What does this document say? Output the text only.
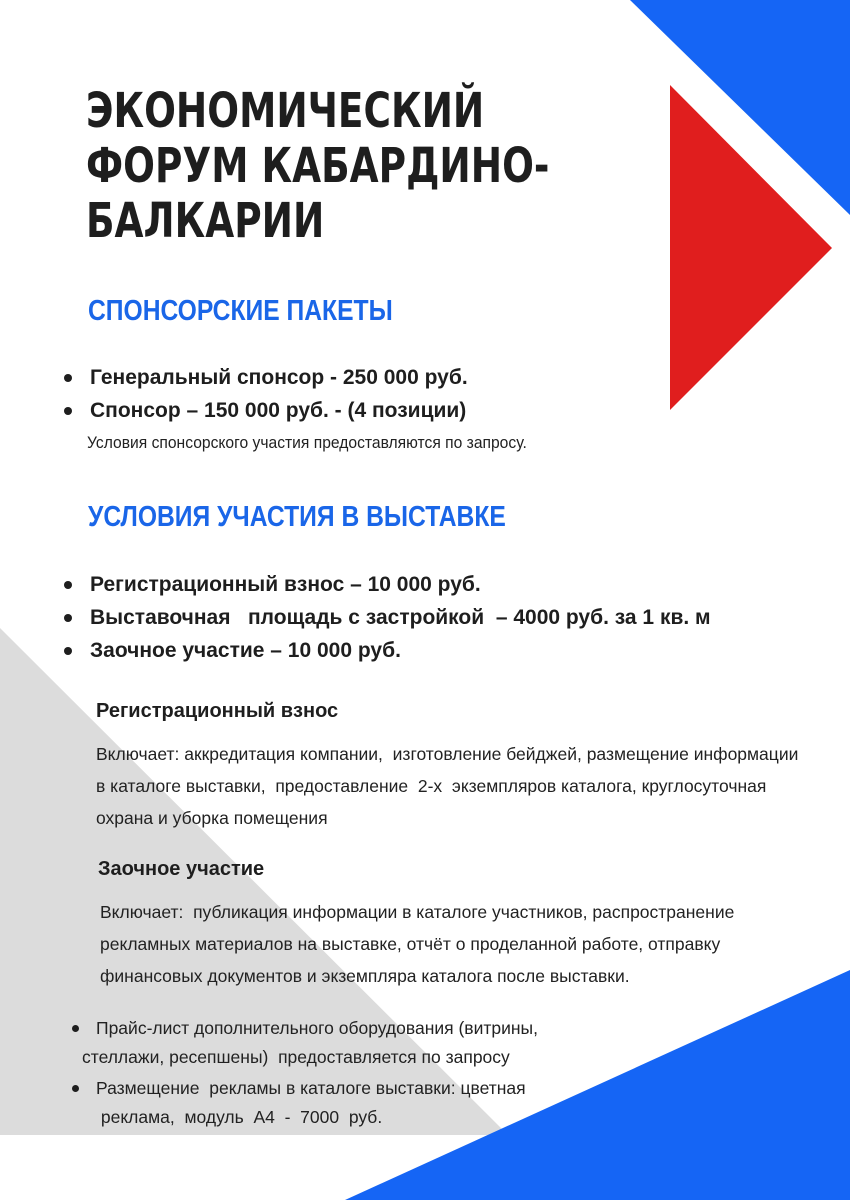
ЭКОНОМИЧЕСКИЙ
ФОРУМ КАБАРДИНО-
БАЛКАРИИ
СПОНСОРСКИЕ ПАКЕТЫ
Генеральный спонсор - 250 000 руб.
Спонсор – 150 000 руб. - (4 позиции)

Условия спонсорского участия предоставляются по запросу.

УСЛОВИЯ УЧАСТИЯ В ВЫСТАВКЕ
Регистрационный взнос – 10 000 руб.
Выставочная   площадь с застройкой  – 4000 руб. за 1 кв. м
Заочное участие – 10 000 руб.
Регистрационный взнос
Включает: аккредитация компании,  изготовление бейджей, размещение информации
в каталоге выставки,  предоставление  2-х  экземпляров каталога, круглосуточная
охрана и уборка помещения
Заочное участие
Включает:  публикация информации в каталоге участников, распространение
рекламных материалов на выставке, отчёт о проделанной работе, отправку
финансовых документов и экземпляра каталога после выставки.
Прайс-лист дополнительного оборудования (витрины,
стеллажи, ресепшены)  предоставляется по запросу
Размещение  рекламы в каталоге выставки: цветная
реклама,  модуль  А4  -  7000  руб.
